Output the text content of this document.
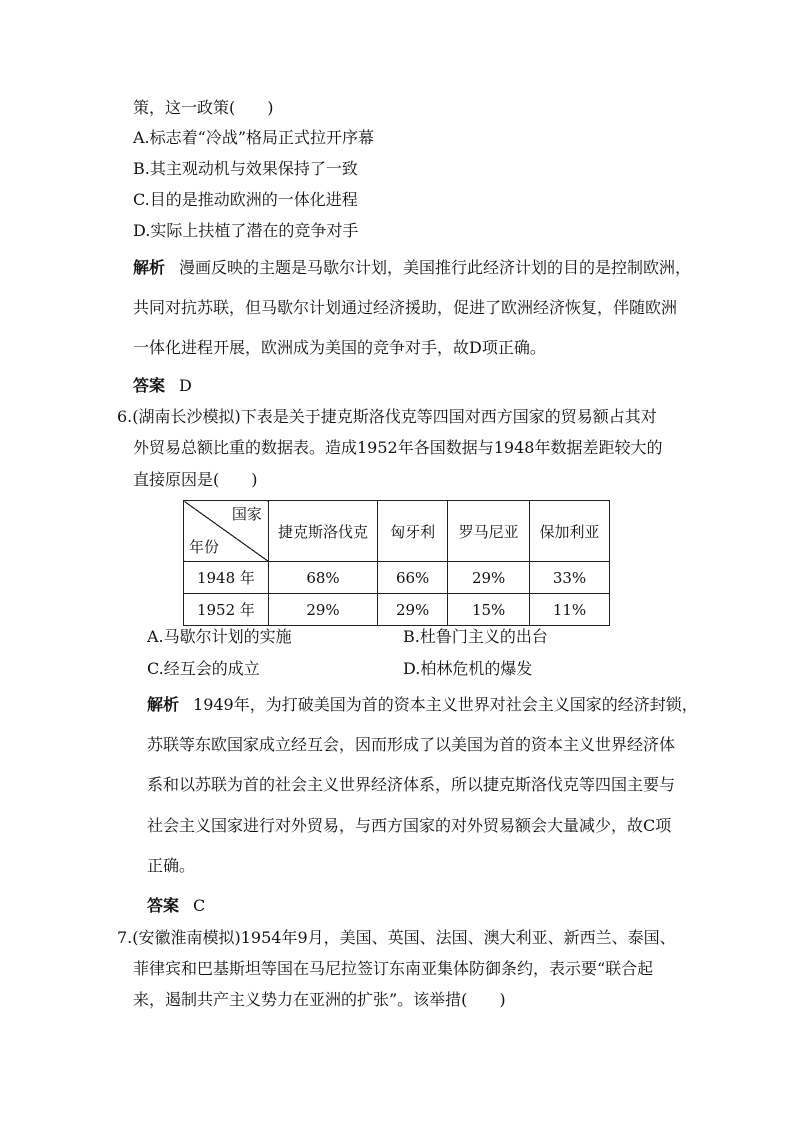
策，这一政策(　　)
A.标志着“冷战”格局正式拉开序幕
B.其主观动机与效果保持了一致
C.目的是推动欧洲的一体化进程
D.实际上扶植了潜在的竞争对手
解析 漫画反映的主题是马歇尔计划，美国推行此经济计划的目的是控制欧洲，
共同对抗苏联，但马歇尔计划通过经济援助，促进了欧洲经济恢复，伴随欧洲
一体化进程开展，欧洲成为美国的竞争对手，故D项正确。
答案 D
6.(湖南长沙模拟)下表是关于捷克斯洛伐克等四国对西方国家的贸易额占其对
外贸易总额比重的数据表。造成1952年各国数据与1948年数据差距较大的
直接原因是(　　)
国家
年份	捷克斯洛伐克	匈牙利	罗马尼亚	保加利亚
1948 年	68%	66%	29%	33%
1952 年	29%	29%	15%	11%
A.马歇尔计划的实施	B.杜鲁门主义的出台
C.经互会的成立	D.柏林危机的爆发
解析 1949年，为打破美国为首的资本主义世界对社会主义国家的经济封锁，
苏联等东欧国家成立经互会，因而形成了以美国为首的资本主义世界经济体
系和以苏联为首的社会主义世界经济体系，所以捷克斯洛伐克等四国主要与
社会主义国家进行对外贸易，与西方国家的对外贸易额会大量减少，故C项
正确。
答案 C
7.(安徽淮南模拟)1954年9月，美国、英国、法国、澳大利亚、新西兰、泰国、
菲律宾和巴基斯坦等国在马尼拉签订东南亚集体防御条约，表示要“联合起
来，遏制共产主义势力在亚洲的扩张”。该举措(　　)
